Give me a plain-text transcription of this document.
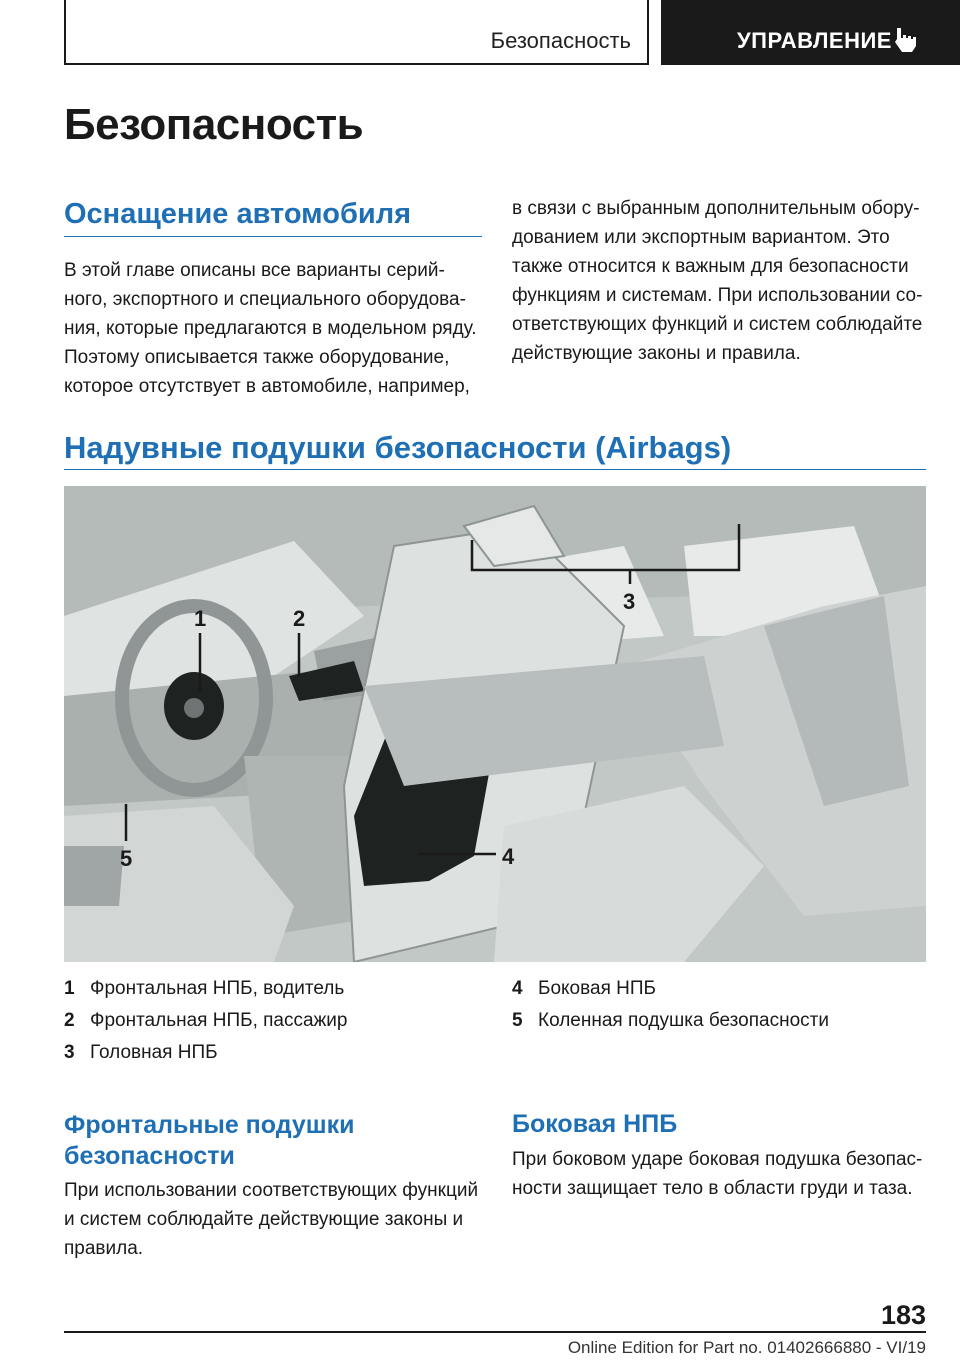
Безопасность	УПРАВЛЕНИЕ
Безопасность
Оснащение автомобиля
В этой главе описаны все варианты серий-
ного, экспортного и специального оборудова-
ния, которые предлагаются в модельном ряду.
Поэтому описывается также оборудование,
которое отсутствует в автомобиле, например,
в связи с выбранным дополнительным обору-
дованием или экспортным вариантом. Это
также относится к важным для безопасности
функциям и системам. При использовании со-
ответствующих функций и систем соблюдайте
действующие законы и правила.
Надувные подушки безопасности (Airbags)
1	2
3
4
5
1 Фронтальная НПБ, водитель
2 Фронтальная НПБ, пассажир
3 Головная НПБ
4 Боковая НПБ
5 Коленная подушка безопасности
Фронтальные подушки
безопасности
При использовании соответствующих функций
и систем соблюдайте действующие законы и
правила.
Боковая НПБ
При боковом ударе боковая подушка безопас-
ности защищает тело в области груди и таза.
183
Online Edition for Part no. 01402666880 - VI/19
